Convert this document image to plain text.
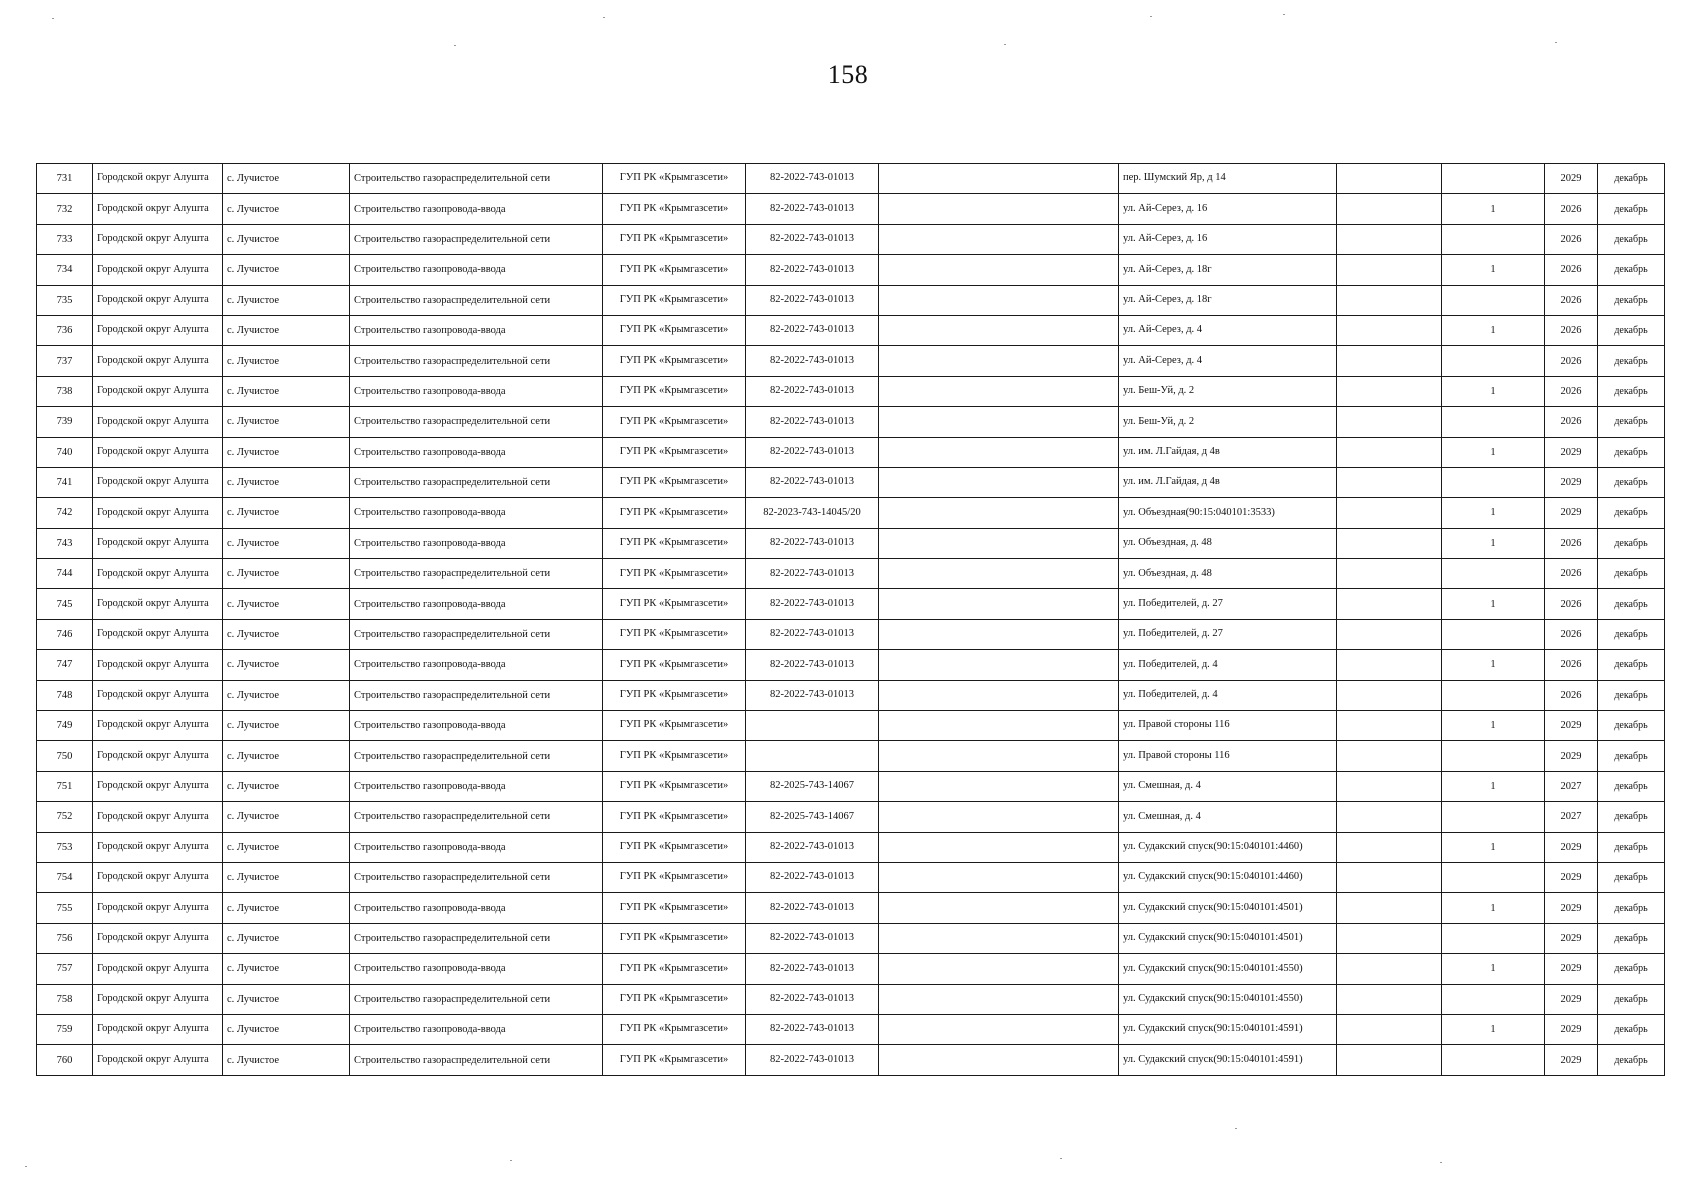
158
731	Городской округ Алушта	с. Лучистое	Строительство газораспределительной сети	ГУП РК «Крымгазсети»	82-2022-743-01013		пер. Шумский Яр, д 14			2029	декабрь
732	Городской округ Алушта	с. Лучистое	Строительство газопровода-ввода	ГУП РК «Крымгазсети»	82-2022-743-01013		ул. Ай-Серез, д. 16		1	2026	декабрь
733	Городской округ Алушта	с. Лучистое	Строительство газораспределительной сети	ГУП РК «Крымгазсети»	82-2022-743-01013		ул. Ай-Серез, д. 16			2026	декабрь
734	Городской округ Алушта	с. Лучистое	Строительство газопровода-ввода	ГУП РК «Крымгазсети»	82-2022-743-01013		ул. Ай-Серез, д. 18г		1	2026	декабрь
735	Городской округ Алушта	с. Лучистое	Строительство газораспределительной сети	ГУП РК «Крымгазсети»	82-2022-743-01013		ул. Ай-Серез, д. 18г			2026	декабрь
736	Городской округ Алушта	с. Лучистое	Строительство газопровода-ввода	ГУП РК «Крымгазсети»	82-2022-743-01013		ул. Ай-Серез, д. 4		1	2026	декабрь
737	Городской округ Алушта	с. Лучистое	Строительство газораспределительной сети	ГУП РК «Крымгазсети»	82-2022-743-01013		ул. Ай-Серез, д. 4			2026	декабрь
738	Городской округ Алушта	с. Лучистое	Строительство газопровода-ввода	ГУП РК «Крымгазсети»	82-2022-743-01013		ул. Беш-Уй, д. 2		1	2026	декабрь
739	Городской округ Алушта	с. Лучистое	Строительство газораспределительной сети	ГУП РК «Крымгазсети»	82-2022-743-01013		ул. Беш-Уй, д. 2			2026	декабрь
740	Городской округ Алушта	с. Лучистое	Строительство газопровода-ввода	ГУП РК «Крымгазсети»	82-2022-743-01013		ул. им. Л.Гайдая, д 4в		1	2029	декабрь
741	Городской округ Алушта	с. Лучистое	Строительство газораспределительной сети	ГУП РК «Крымгазсети»	82-2022-743-01013		ул. им. Л.Гайдая, д 4в			2029	декабрь
742	Городской округ Алушта	с. Лучистое	Строительство газопровода-ввода	ГУП РК «Крымгазсети»	82-2023-743-14045/20		ул. Объездная(90:15:040101:3533)		1	2029	декабрь
743	Городской округ Алушта	с. Лучистое	Строительство газопровода-ввода	ГУП РК «Крымгазсети»	82-2022-743-01013		ул. Объездная, д. 48		1	2026	декабрь
744	Городской округ Алушта	с. Лучистое	Строительство газораспределительной сети	ГУП РК «Крымгазсети»	82-2022-743-01013		ул. Объездная, д. 48			2026	декабрь
745	Городской округ Алушта	с. Лучистое	Строительство газопровода-ввода	ГУП РК «Крымгазсети»	82-2022-743-01013		ул. Победителей, д. 27		1	2026	декабрь
746	Городской округ Алушта	с. Лучистое	Строительство газораспределительной сети	ГУП РК «Крымгазсети»	82-2022-743-01013		ул. Победителей, д. 27			2026	декабрь
747	Городской округ Алушта	с. Лучистое	Строительство газопровода-ввода	ГУП РК «Крымгазсети»	82-2022-743-01013		ул. Победителей, д. 4		1	2026	декабрь
748	Городской округ Алушта	с. Лучистое	Строительство газораспределительной сети	ГУП РК «Крымгазсети»	82-2022-743-01013		ул. Победителей, д. 4			2026	декабрь
749	Городской округ Алушта	с. Лучистое	Строительство газопровода-ввода	ГУП РК «Крымгазсети»			ул. Правой стороны 116		1	2029	декабрь
750	Городской округ Алушта	с. Лучистое	Строительство газораспределительной сети	ГУП РК «Крымгазсети»			ул. Правой стороны 116			2029	декабрь
751	Городской округ Алушта	с. Лучистое	Строительство газопровода-ввода	ГУП РК «Крымгазсети»	82-2025-743-14067		ул. Смешная, д. 4		1	2027	декабрь
752	Городской округ Алушта	с. Лучистое	Строительство газораспределительной сети	ГУП РК «Крымгазсети»	82-2025-743-14067		ул. Смешная, д. 4			2027	декабрь
753	Городской округ Алушта	с. Лучистое	Строительство газопровода-ввода	ГУП РК «Крымгазсети»	82-2022-743-01013		ул. Судакский спуск(90:15:040101:4460)		1	2029	декабрь
754	Городской округ Алушта	с. Лучистое	Строительство газораспределительной сети	ГУП РК «Крымгазсети»	82-2022-743-01013		ул. Судакский спуск(90:15:040101:4460)			2029	декабрь
755	Городской округ Алушта	с. Лучистое	Строительство газопровода-ввода	ГУП РК «Крымгазсети»	82-2022-743-01013		ул. Судакский спуск(90:15:040101:4501)		1	2029	декабрь
756	Городской округ Алушта	с. Лучистое	Строительство газораспределительной сети	ГУП РК «Крымгазсети»	82-2022-743-01013		ул. Судакский спуск(90:15:040101:4501)			2029	декабрь
757	Городской округ Алушта	с. Лучистое	Строительство газопровода-ввода	ГУП РК «Крымгазсети»	82-2022-743-01013		ул. Судакский спуск(90:15:040101:4550)		1	2029	декабрь
758	Городской округ Алушта	с. Лучистое	Строительство газораспределительной сети	ГУП РК «Крымгазсети»	82-2022-743-01013		ул. Судакский спуск(90:15:040101:4550)			2029	декабрь
759	Городской округ Алушта	с. Лучистое	Строительство газопровода-ввода	ГУП РК «Крымгазсети»	82-2022-743-01013		ул. Судакский спуск(90:15:040101:4591)		1	2029	декабрь
760	Городской округ Алушта	с. Лучистое	Строительство газораспределительной сети	ГУП РК «Крымгазсети»	82-2022-743-01013		ул. Судакский спуск(90:15:040101:4591)			2029	декабрь
